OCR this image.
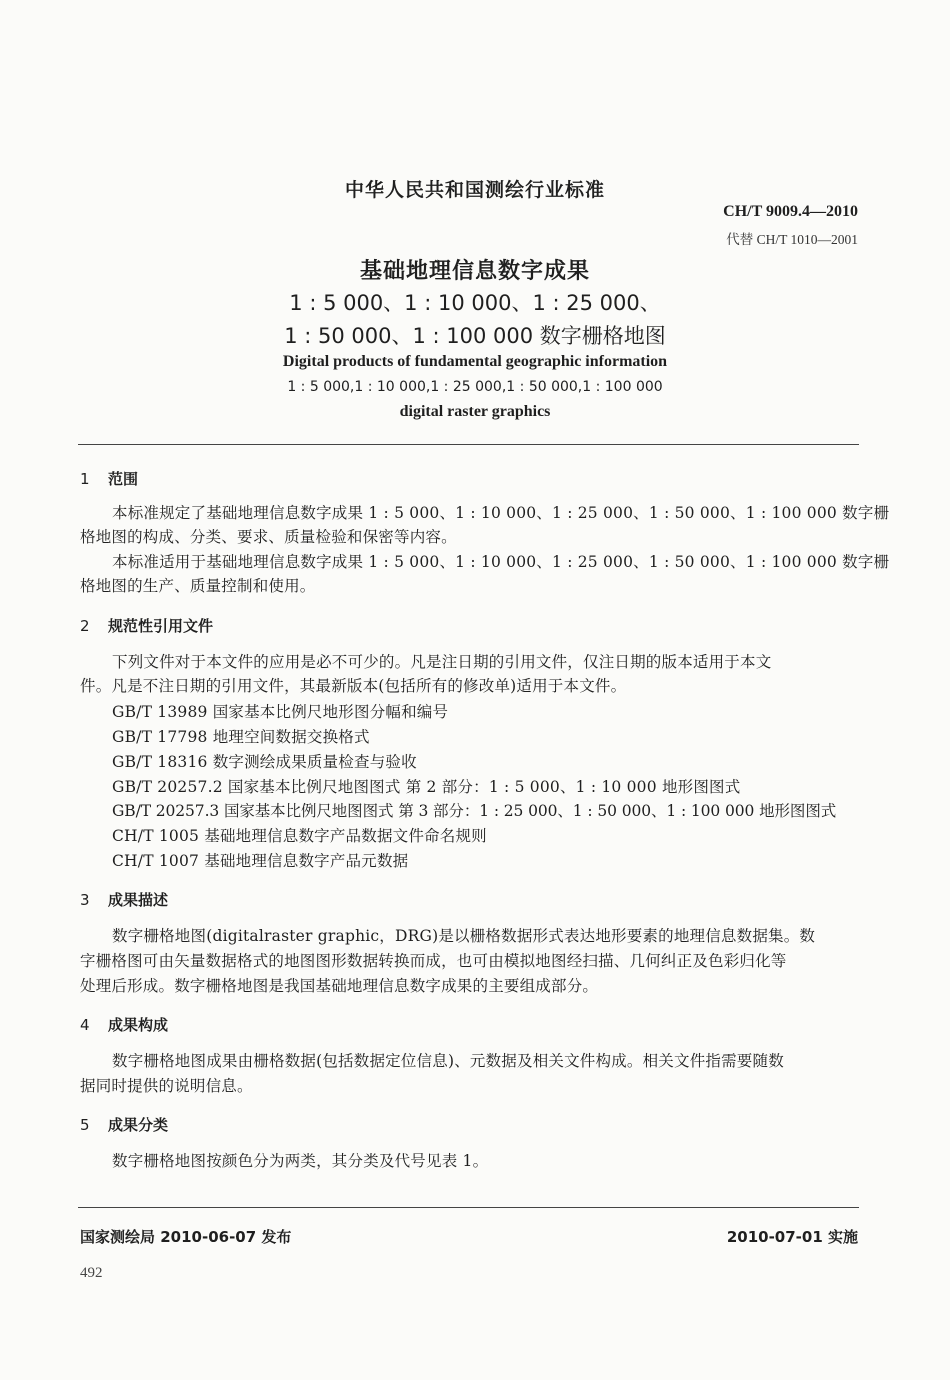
中华人民共和国测绘行业标准
CH/T 9009.4—2010
代替 CH/T 1010—2001
基础地理信息数字成果
1 : 5 000、1 : 10 000、1 : 25 000、
1 : 50 000、1 : 100 000 数字栅格地图
Digital products of fundamental geographic information
1 : 5 000,1 : 10 000,1 : 25 000,1 : 50 000,1 : 100 000
digital raster graphics
1 范围
本标准规定了基础地理信息数字成果 1 : 5 000、1 : 10 000、1 : 25 000、1 : 50 000、1 : 100 000 数字栅
格地图的构成、分类、要求、质量检验和保密等内容。
本标准适用于基础地理信息数字成果 1 : 5 000、1 : 10 000、1 : 25 000、1 : 50 000、1 : 100 000 数字栅
格地图的生产、质量控制和使用。
2 规范性引用文件
下列文件对于本文件的应用是必不可少的。凡是注日期的引用文件，仅注日期的版本适用于本文
件。凡是不注日期的引用文件，其最新版本(包括所有的修改单)适用于本文件。
GB/T 13989 国家基本比例尺地形图分幅和编号
GB/T 17798 地理空间数据交换格式
GB/T 18316 数字测绘成果质量检查与验收
GB/T 20257.2 国家基本比例尺地图图式 第 2 部分：1 : 5 000、1 : 10 000 地形图图式
GB/T 20257.3 国家基本比例尺地图图式 第 3 部分：1 : 25 000、1 : 50 000、1 : 100 000 地形图图式
CH/T 1005 基础地理信息数字产品数据文件命名规则
CH/T 1007 基础地理信息数字产品元数据
3 成果描述
数字栅格地图(digitalraster graphic，DRG)是以栅格数据形式表达地形要素的地理信息数据集。数
字栅格图可由矢量数据格式的地图图形数据转换而成，也可由模拟地图经扫描、几何纠正及色彩归化等
处理后形成。数字栅格地图是我国基础地理信息数字成果的主要组成部分。
4 成果构成
数字栅格地图成果由栅格数据(包括数据定位信息)、元数据及相关文件构成。相关文件指需要随数
据同时提供的说明信息。
5 成果分类
数字栅格地图按颜色分为两类，其分类及代号见表 1。
国家测绘局 2010-06-07 发布	2010-07-01 实施
492
